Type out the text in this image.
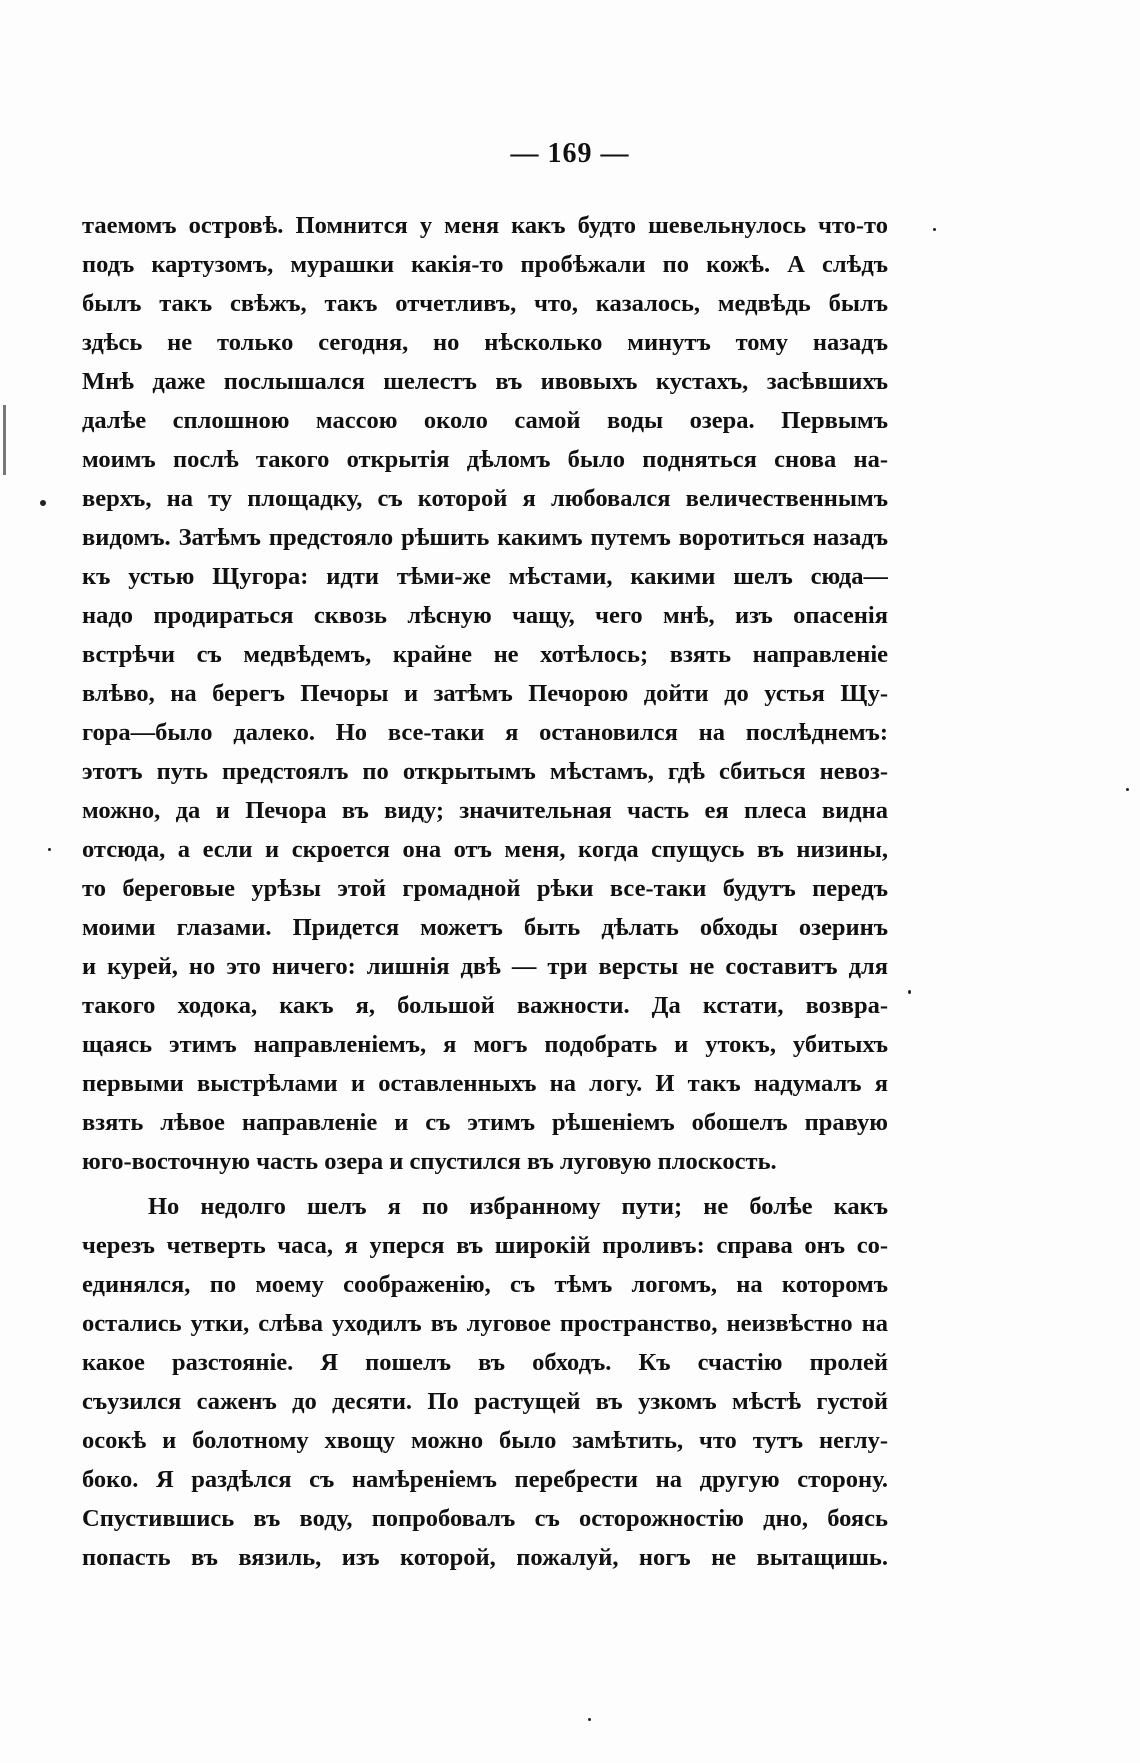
— 169 —
таемомъ островѣ. Помнится у меня какъ будто шевельнулось что-то
подъ картузомъ, мурашки какія-то пробѣжали по кожѣ. А слѣдъ
былъ такъ свѣжъ, такъ отчетливъ, что, казалось, медвѣдь былъ
здѣсь не только сегодня, но нѣсколько минутъ тому назадъ
Мнѣ даже послышался шелестъ въ ивовыхъ кустахъ, засѣвшихъ
далѣе сплошною массою около самой воды озера. Первымъ
моимъ послѣ такого открытія дѣломъ было подняться снова на-
верхъ, на ту площадку, съ которой я любовался величественнымъ
видомъ. Затѣмъ предстояло рѣшить какимъ путемъ воротиться назадъ
къ устью Щугора: идти тѣми-же мѣстами, какими шелъ сюда—
надо продираться сквозь лѣсную чащу, чего мнѣ, изъ опасенія
встрѣчи съ медвѣдемъ, крайне не хотѣлось; взять направленіе
влѣво, на берегъ Печоры и затѣмъ Печорою дойти до устья Щу-
гора—было далеко. Но все-таки я остановился на послѣднемъ:
этотъ путь предстоялъ по открытымъ мѣстамъ, гдѣ сбиться невоз-
можно, да и Печора въ виду; значительная часть ея плеса видна
отсюда, а если и скроется она отъ меня, когда спущусь въ низины,
то береговые урѣзы этой громадной рѣки все-таки будутъ передъ
моими глазами. Придется можетъ быть дѣлать обходы озеринъ
и курей, но это ничего: лишнія двѣ — три версты не составитъ для
такого ходока, какъ я, большой важности. Да кстати, возвра-
щаясь этимъ направленіемъ, я могъ подобрать и утокъ, убитыхъ
первыми выстрѣлами и оставленныхъ на логу. И такъ надумалъ я
взять лѣвое направленіе и съ этимъ рѣшеніемъ обошелъ правую
юго-восточную часть озера и спустился въ луговую плоскость.
Но недолго шелъ я по избранному пути; не болѣе какъ
черезъ четверть часа, я уперся въ широкій проливъ: справа онъ со-
единялся, по моему соображенію, съ тѣмъ логомъ, на которомъ
остались утки, слѣва уходилъ въ луговое пространство, неизвѣстно на
какое разстояніе. Я пошелъ въ обходъ. Къ счастію пролей
съузился саженъ до десяти. По растущей въ узкомъ мѣстѣ густой
осокѣ и болотному хвощу можно было замѣтить, что тутъ неглу-
боко. Я раздѣлся съ намѣреніемъ перебрести на другую сторону.
Спустившись въ воду, попробовалъ съ осторожностію дно, боясь
попасть въ вязиль, изъ которой, пожалуй, ногъ не вытащишь.
